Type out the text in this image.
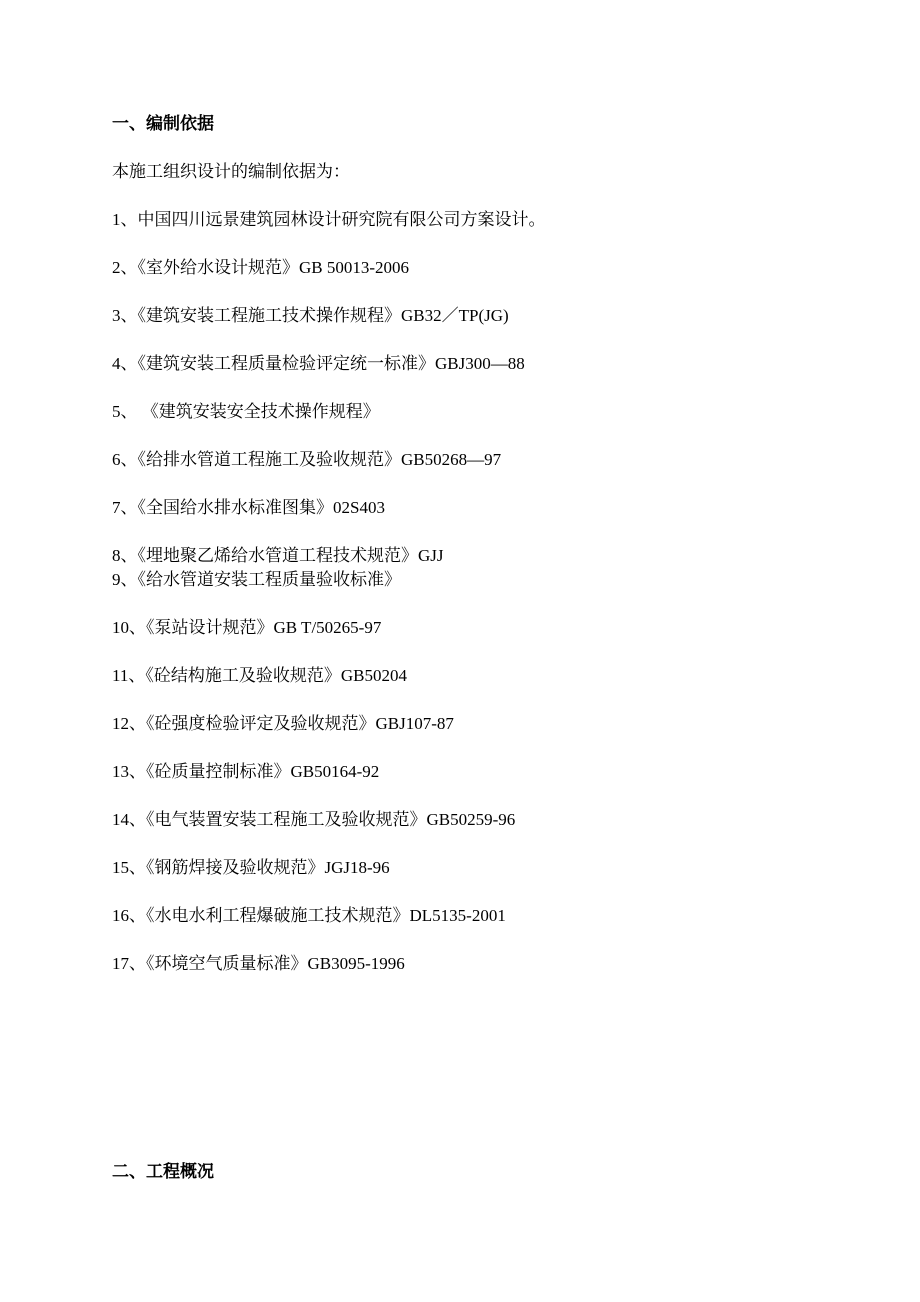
一、编制依据
本施工组织设计的编制依据为：
1、中国四川远景建筑园林设计研究院有限公司方案设计。
2、《室外给水设计规范》GB 50013-2006
3、《建筑安装工程施工技术操作规程》GB32／TP(JG)
4、《建筑安装工程质量检验评定统一标准》GBJ300—88
5、 《建筑安装安全技术操作规程》
6、《给排水管道工程施工及验收规范》GB50268—97
7、《全国给水排水标准图集》02S403
8、《埋地聚乙烯给水管道工程技术规范》GJJ
9、《给水管道安装工程质量验收标准》
10、《泵站设计规范》GB T/50265-97
11、《砼结构施工及验收规范》GB50204
12、《砼强度检验评定及验收规范》GBJ107-87
13、《砼质量控制标准》GB50164-92
14、《电气装置安装工程施工及验收规范》GB50259-96
15、《钢筋焊接及验收规范》JGJ18-96
16、《水电水利工程爆破施工技术规范》DL5135-2001
17、《环境空气质量标准》GB3095-1996
二、工程概况
